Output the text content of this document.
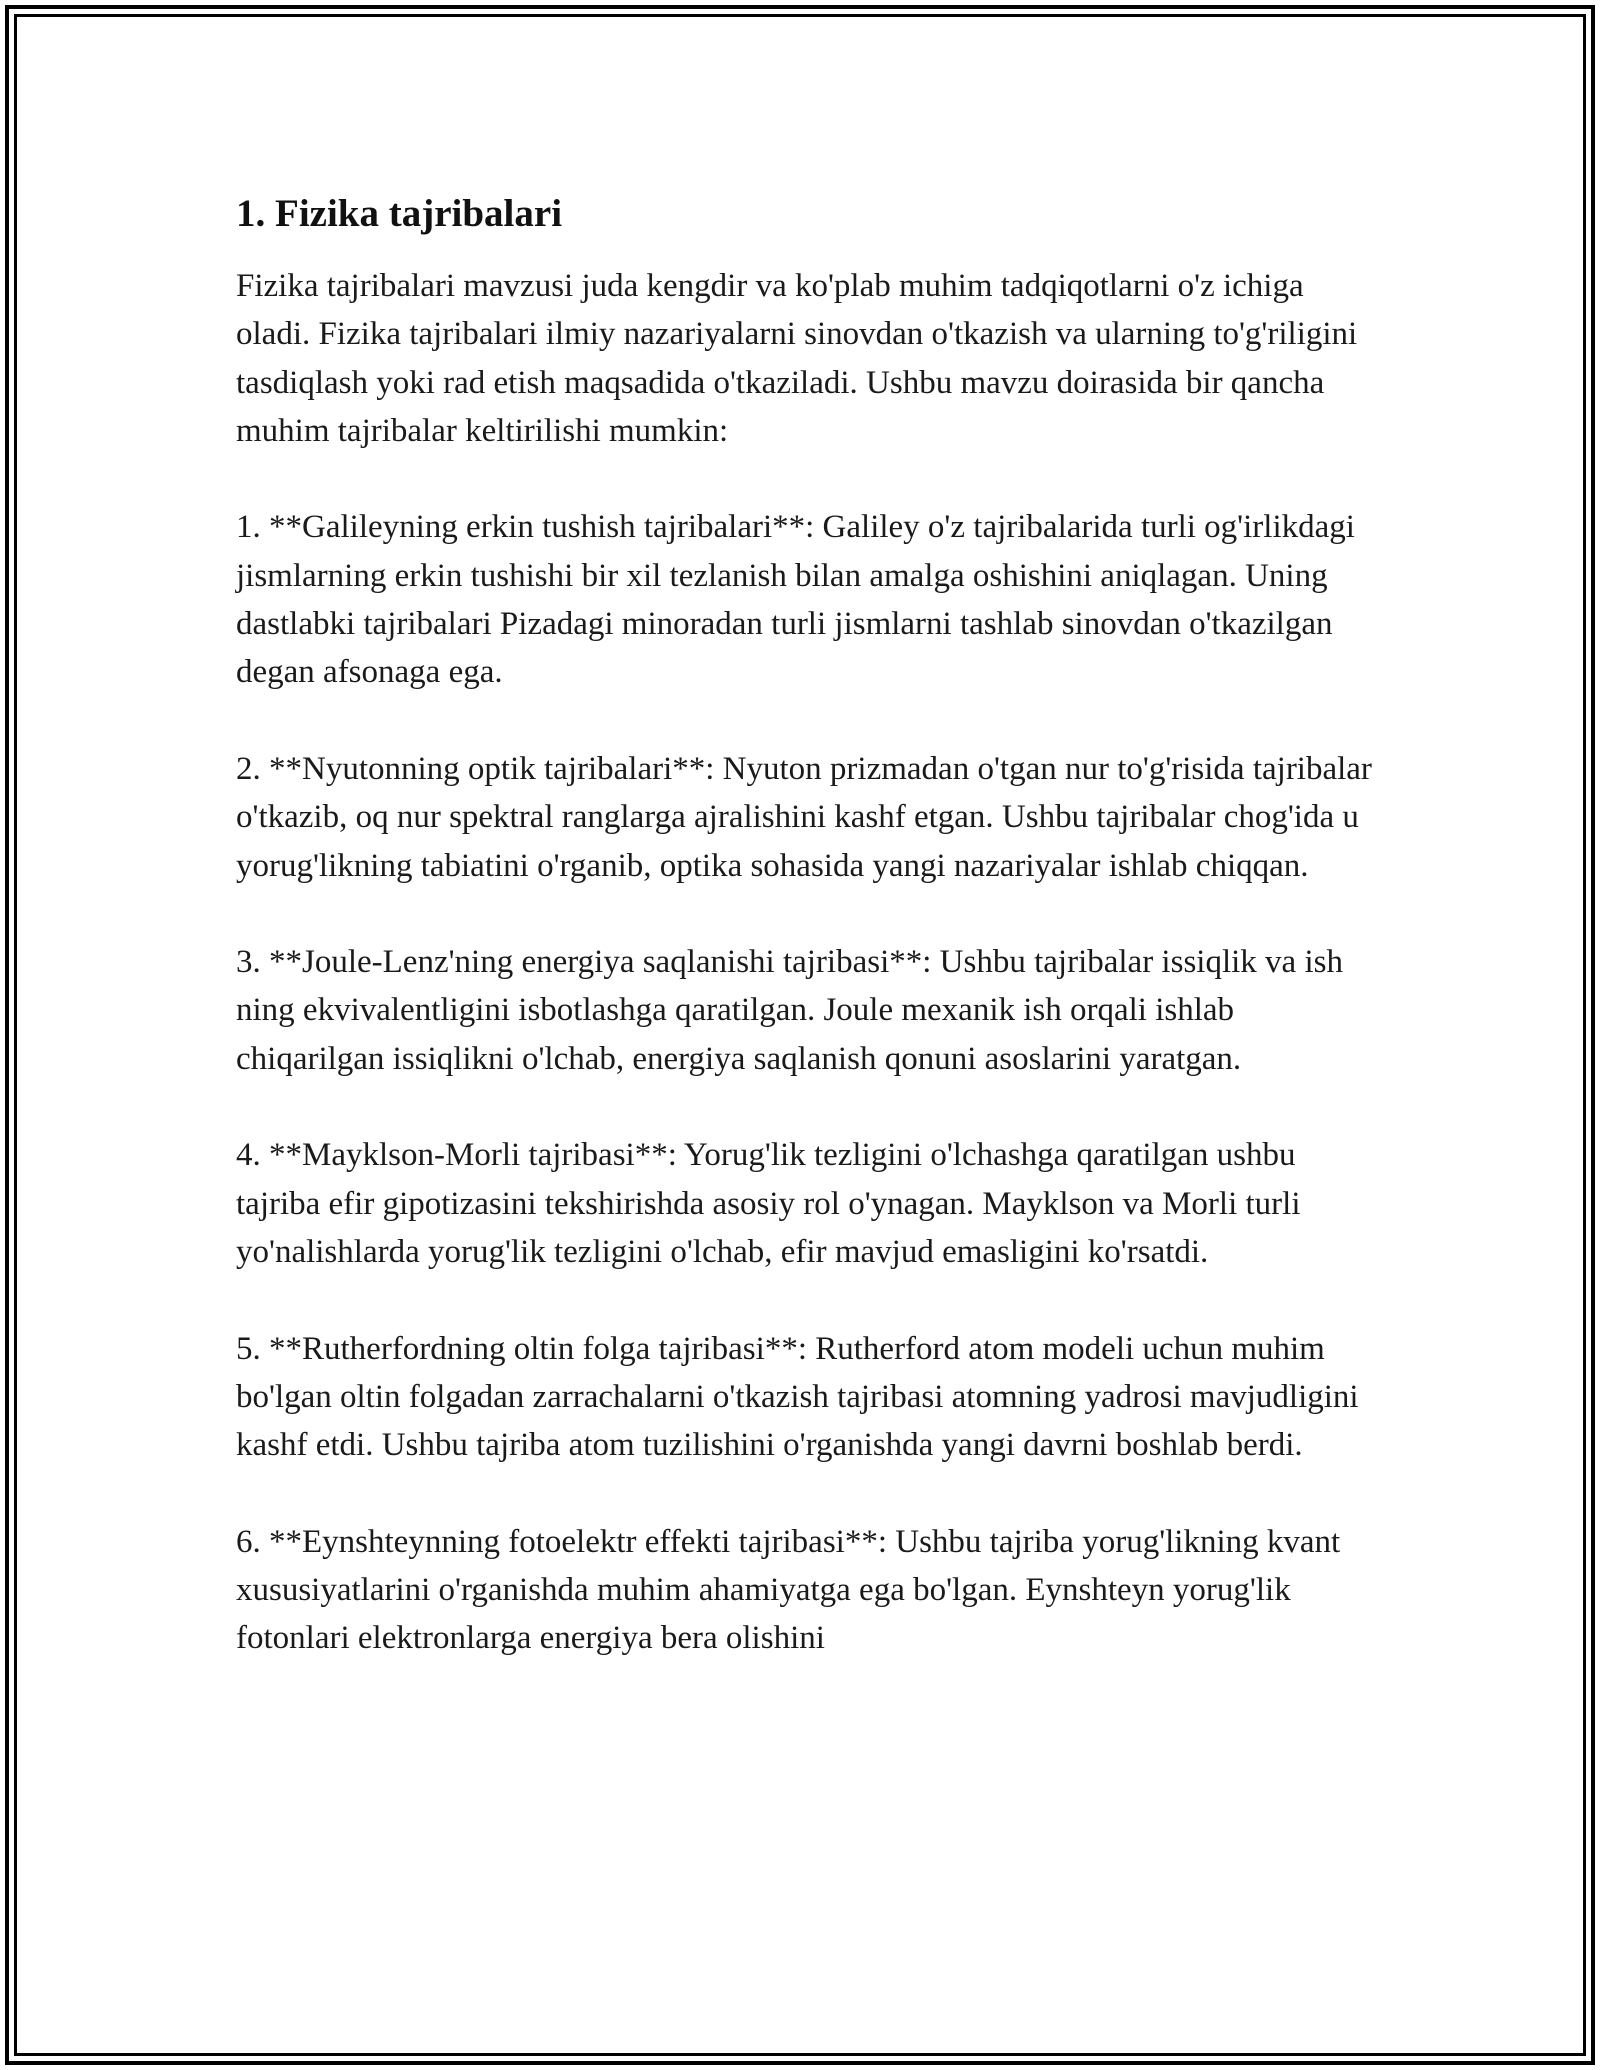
1. Fizika tajribalari

Fizika tajribalari mavzusi juda kengdir va ko'plab muhim tadqiqotlarni o'z ichiga oladi. Fizika tajribalari ilmiy nazariyalarni sinovdan o'tkazish va ularning to'g'riligini tasdiqlash yoki rad etish maqsadida o'tkaziladi. Ushbu mavzu doirasida bir qancha muhim tajribalar keltirilishi mumkin:

1. **Galileyning erkin tushish tajribalari**: Galiley o'z tajribalarida turli og'irlikdagi jismlarning erkin tushishi bir xil tezlanish bilan amalga oshishini aniqlagan. Uning dastlabki tajribalari Pizadagi minoradan turli jismlarni tashlab sinovdan o'tkazilgan degan afsonaga ega.

2. **Nyutonning optik tajribalari**: Nyuton prizmadan o'tgan nur to'g'risida tajribalar o'tkazib, oq nur spektral ranglarga ajralishini kashf etgan. Ushbu tajribalar chog'ida u yorug'likning tabiatini o'rganib, optika sohasida yangi nazariyalar ishlab chiqqan.

3. **Joule-Lenz'ning energiya saqlanishi tajribasi**: Ushbu tajribalar issiqlik va ish ning ekvivalentligini isbotlashga qaratilgan. Joule mexanik ish orqali ishlab chiqarilgan issiqlikni o'lchab, energiya saqlanish qonuni asoslarini yaratgan.

4. **Mayklson-Morli tajribasi**: Yorug'lik tezligini o'lchashga qaratilgan ushbu tajriba efir gipotizasini tekshirishda asosiy rol o'ynagan. Mayklson va Morli turli yo'nalishlarda yorug'lik tezligini o'lchab, efir mavjud emasligini ko'rsatdi.

5. **Rutherfordning oltin folga tajribasi**: Rutherford atom modeli uchun muhim bo'lgan oltin folgadan zarrachalarni o'tkazish tajribasi atomning yadrosi mavjudligini kashf etdi. Ushbu tajriba atom tuzilishini o'rganishda yangi davrni boshlab berdi.

6. **Eynshteynning fotoelektr effekti tajribasi**: Ushbu tajriba yorug'likning kvant xususiyatlarini o'rganishda muhim ahamiyatga ega bo'lgan. Eynshteyn yorug'lik fotonlari elektronlarga energiya bera olishini
